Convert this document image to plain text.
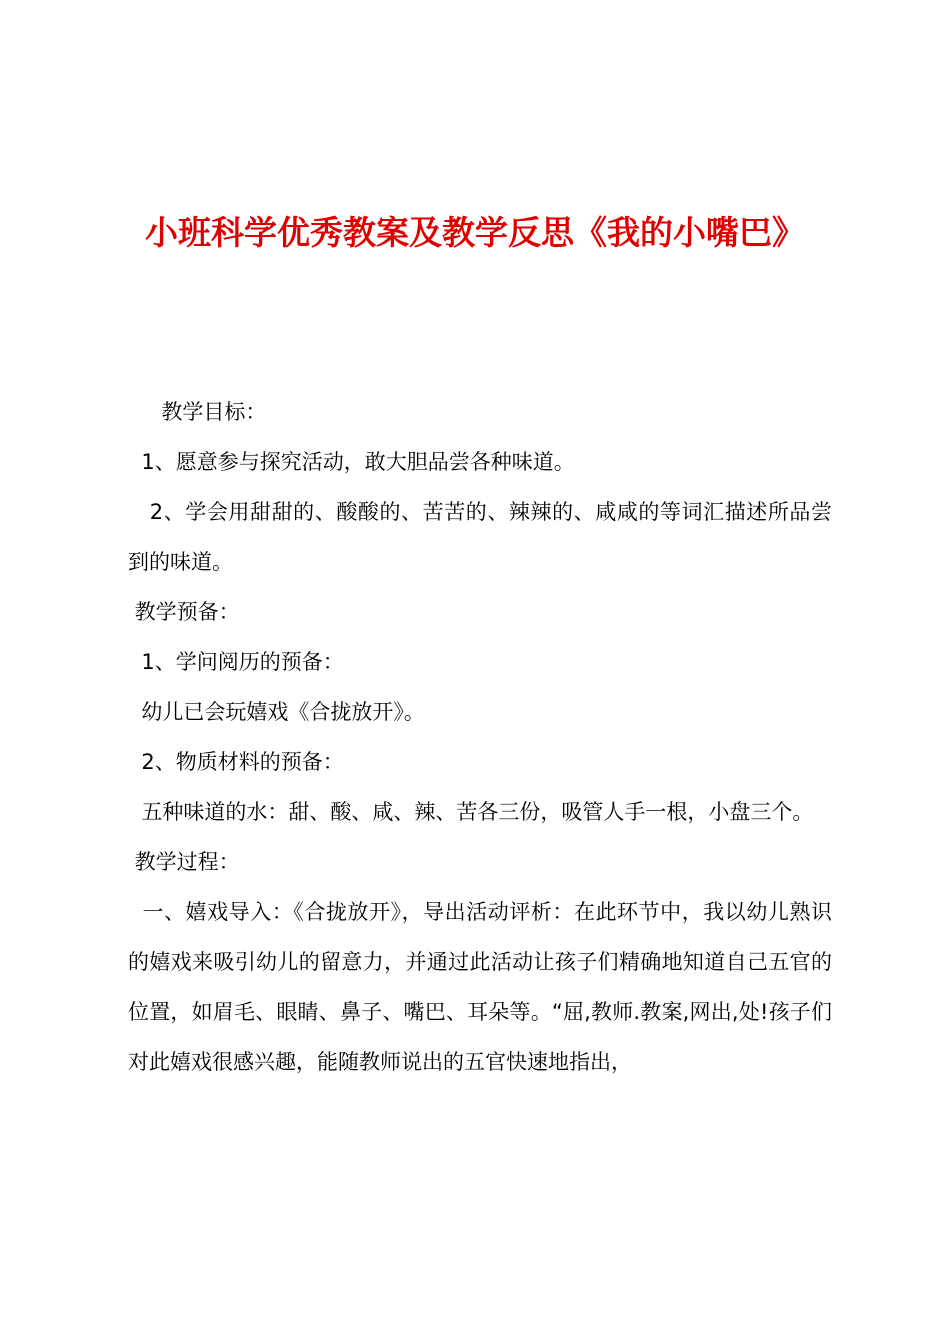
小班科学优秀教案及教学反思《我的小嘴巴》

教学目标：

1、愿意参与探究活动，敢大胆品尝各种味道。

2、学会用甜甜的、酸酸的、苦苦的、辣辣的、咸咸的等词汇描述所品尝到的味道。

教学预备：

1、学问阅历的预备：

幼儿已会玩嬉戏《合拢放开》。

2、物质材料的预备：

五种味道的水：甜、酸、咸、辣、苦各三份，吸管人手一根，小盘三个。

教学过程：

一、嬉戏导入：《合拢放开》，导出活动评析：在此环节中，我以幼儿熟识的嬉戏来吸引幼儿的留意力，并通过此活动让孩子们精确地知道自己五官的位置，如眉毛、眼睛、鼻子、嘴巴、耳朵等。“屈,教师.教案,网出,处!孩子们对此嬉戏很感兴趣，能随教师说出的五官快速地指出，
